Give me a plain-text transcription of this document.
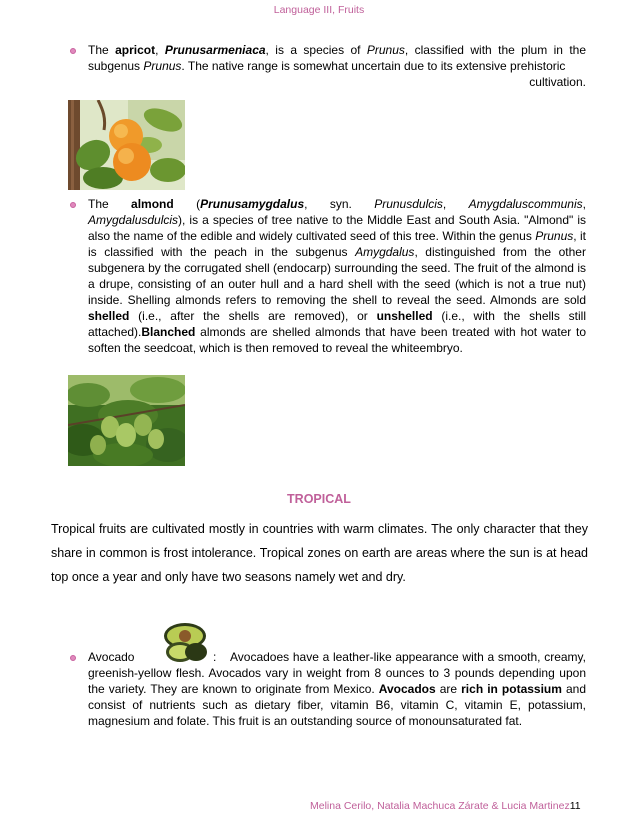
Language III, Fruits
The apricot, Prunusarmeniaca, is a species of Prunus, classified with the plum in the subgenus Prunus. The native range is somewhat uncertain due to its extensive prehistoric
cultivation.
The almond (Prunusamygdalus, syn. Prunusdulcis, Amygdaluscommunis, Amygdalusdulcis), is a species of tree native to the Middle East and South Asia. "Almond" is also the name of the edible and widely cultivated seed of this tree. Within the genus Prunus, it is classified with the peach in the subgenus Amygdalus, distinguished from the other subgenera by the corrugated shell (endocarp) surrounding the seed. The fruit of the almond is a drupe, consisting of an outer hull and a hard shell with the seed (which is not a true nut) inside. Shelling almonds refers to removing the shell to reveal the seed. Almonds are sold shelled (i.e., after the shells are removed), or unshelled (i.e., with the shells still attached).Blanched almonds are shelled almonds that have been treated with hot water to soften the seedcoat, which is then removed to reveal the whiteembryo.
TROPICAL
Tropical fruits are cultivated mostly in countries with warm climates. The only character that they share in common is frost intolerance. Tropical zones on earth are areas where the sun is at head top once a year and only have two seasons namely wet and dry.
Avocado	:	Avocadoes have a leather-like appearance with a smooth, creamy, greenish-yellow flesh. Avocados vary in weight from 8 ounces to 3 pounds depending upon the variety. They are known to originate from Mexico. Avocados are rich in potassium and consist of nutrients such as dietary fiber, vitamin B6, vitamin C, vitamin E, potassium, magnesium and folate. This fruit is an outstanding source of monounsaturated fat.
Melina Cerilo, Natalia Machuca Zárate & Lucia Martinez11
